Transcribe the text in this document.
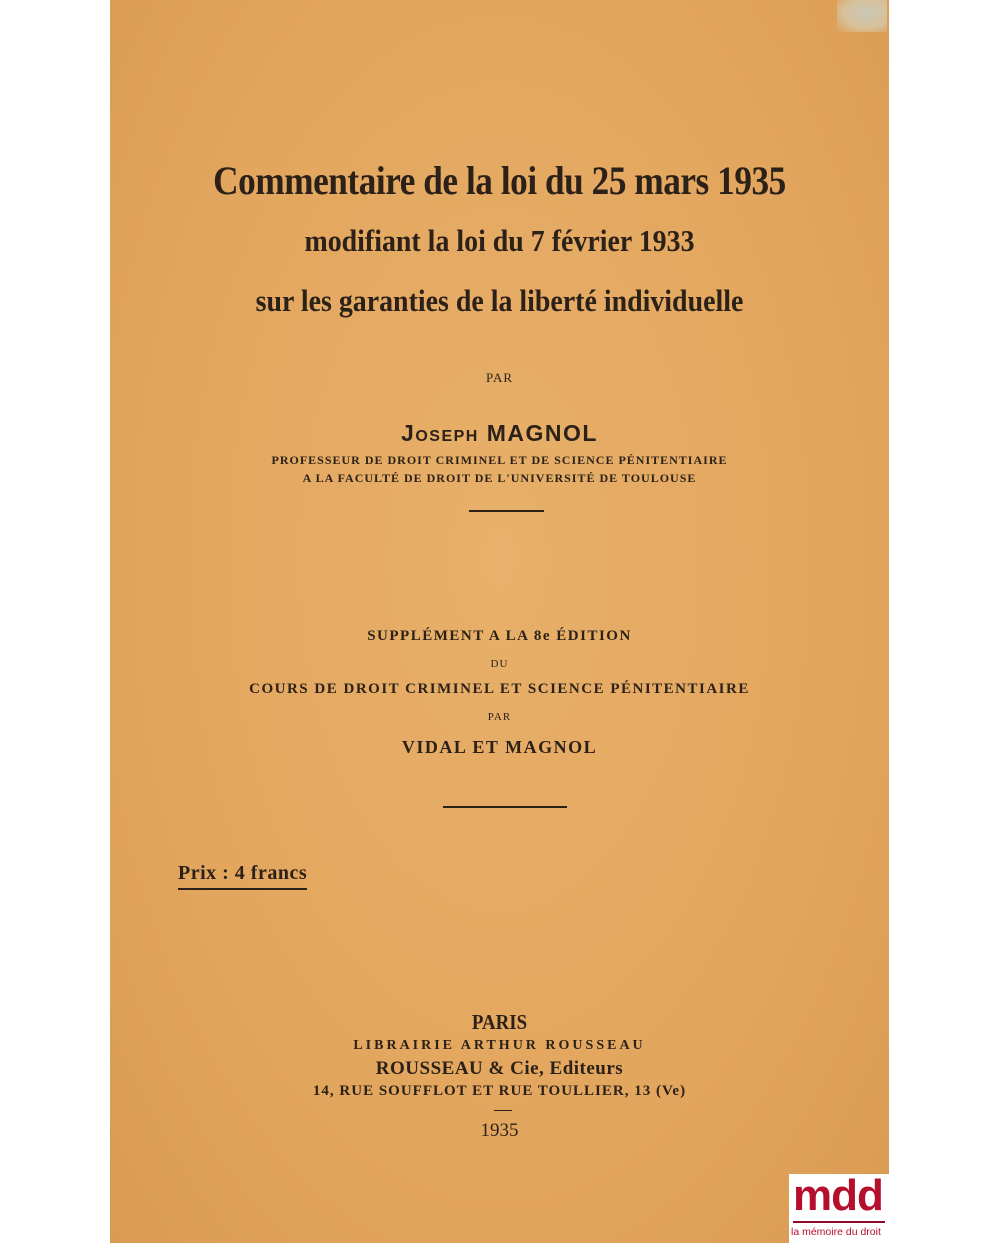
Commentaire de la loi du 25 mars 1935
modifiant la loi du 7 février 1933
sur les garanties de la liberté individuelle
PAR
Joseph MAGNOL
PROFESSEUR DE DROIT CRIMINEL ET DE SCIENCE PÉNITENTIAIRE
A LA FACULTÉ DE DROIT DE L'UNIVERSITÉ DE TOULOUSE
SUPPLÉMENT A LA 8e ÉDITION
DU
COURS DE DROIT CRIMINEL ET SCIENCE PÉNITENTIAIRE
PAR
VIDAL ET MAGNOL
Prix : 4 francs
PARIS
LIBRAIRIE ARTHUR ROUSSEAU
ROUSSEAU & Cie, Editeurs
14, RUE SOUFFLOT ET RUE TOULLIER, 13 (Ve)
1935
mdd
la mémoire du droit
